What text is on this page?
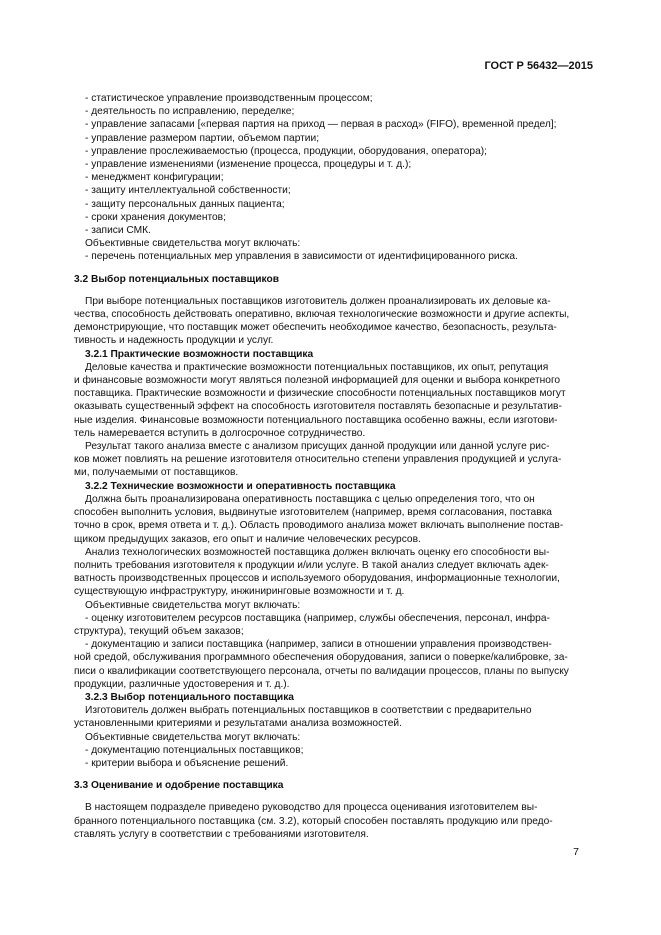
ГОСТ Р 56432—2015
- статистическое управление производственным процессом;
- деятельность по исправлению, переделке;
- управление запасами [«первая партия на приход — первая в расход» (FIFO), временной предел];
- управление размером партии, объемом партии;
- управление прослеживаемостью (процесса, продукции, оборудования, оператора);
- управление изменениями (изменение процесса, процедуры и т. д.);
- менеджмент конфигурации;
- защиту интеллектуальной собственности;
- защиту персональных данных пациента;
- сроки хранения документов;
- записи СМК.
Объективные свидетельства могут включать:
- перечень потенциальных мер управления в зависимости от идентифицированного риска.
3.2 Выбор потенциальных поставщиков
При выборе потенциальных поставщиков изготовитель должен проанализировать их деловые ка-
чества, способность действовать оперативно, включая технологические возможности и другие аспекты,
демонстрирующие, что поставщик может обеспечить необходимое качество, безопасность, результа-
тивность и надежность продукции и услуг.
3.2.1 Практические возможности поставщика
Деловые качества и практические возможности потенциальных поставщиков, их опыт, репутация
и финансовые возможности могут являться полезной информацией для оценки и выбора конкретного
поставщика. Практические возможности и физические способности потенциальных поставщиков могут
оказывать существенный эффект на способность изготовителя поставлять безопасные и результатив-
ные изделия. Финансовые возможности потенциального поставщика особенно важны, если изготови-
тель намеревается вступить в долгосрочное сотрудничество.
Результат такого анализа вместе с анализом присущих данной продукции или данной услуге рис-
ков может повлиять на решение изготовителя относительно степени управления продукцией и услуга-
ми, получаемыми от поставщиков.
3.2.2 Технические возможности и оперативность поставщика
Должна быть проанализирована оперативность поставщика с целью определения того, что он
способен выполнить условия, выдвинутые изготовителем (например, время согласования, поставка
точно в срок, время ответа и т. д.). Область проводимого анализа может включать выполнение постав-
щиком предыдущих заказов, его опыт и наличие человеческих ресурсов.
Анализ технологических возможностей поставщика должен включать оценку его способности вы-
полнить требования изготовителя к продукции и/или услуге. В такой анализ следует включать адек-
ватность производственных процессов и используемого оборудования, информационные технологии,
существующую инфраструктуру, инжиниринговые возможности и т. д.
Объективные свидетельства могут включать:
- оценку изготовителем ресурсов поставщика (например, службы обеспечения, персонал, инфра-
структура), текущий объем заказов;
- документацию и записи поставщика (например, записи в отношении управления производствен-
ной средой, обслуживания программного обеспечения оборудования, записи о поверке/калибровке, за-
писи о квалификации соответствующего персонала, отчеты по валидации процессов, планы по выпуску
продукции, различные удостоверения и т. д.).
3.2.3 Выбор потенциального поставщика
Изготовитель должен выбрать потенциальных поставщиков в соответствии с предварительно
установленными критериями и результатами анализа возможностей.
Объективные свидетельства могут включать:
- документацию потенциальных поставщиков;
- критерии выбора и объяснение решений.
3.3 Оценивание и одобрение поставщика
В настоящем подразделе приведено руководство для процесса оценивания изготовителем вы-
бранного потенциального поставщика (см. 3.2), который способен поставлять продукцию или предо-
ставлять услугу в соответствии с требованиями изготовителя.
7
